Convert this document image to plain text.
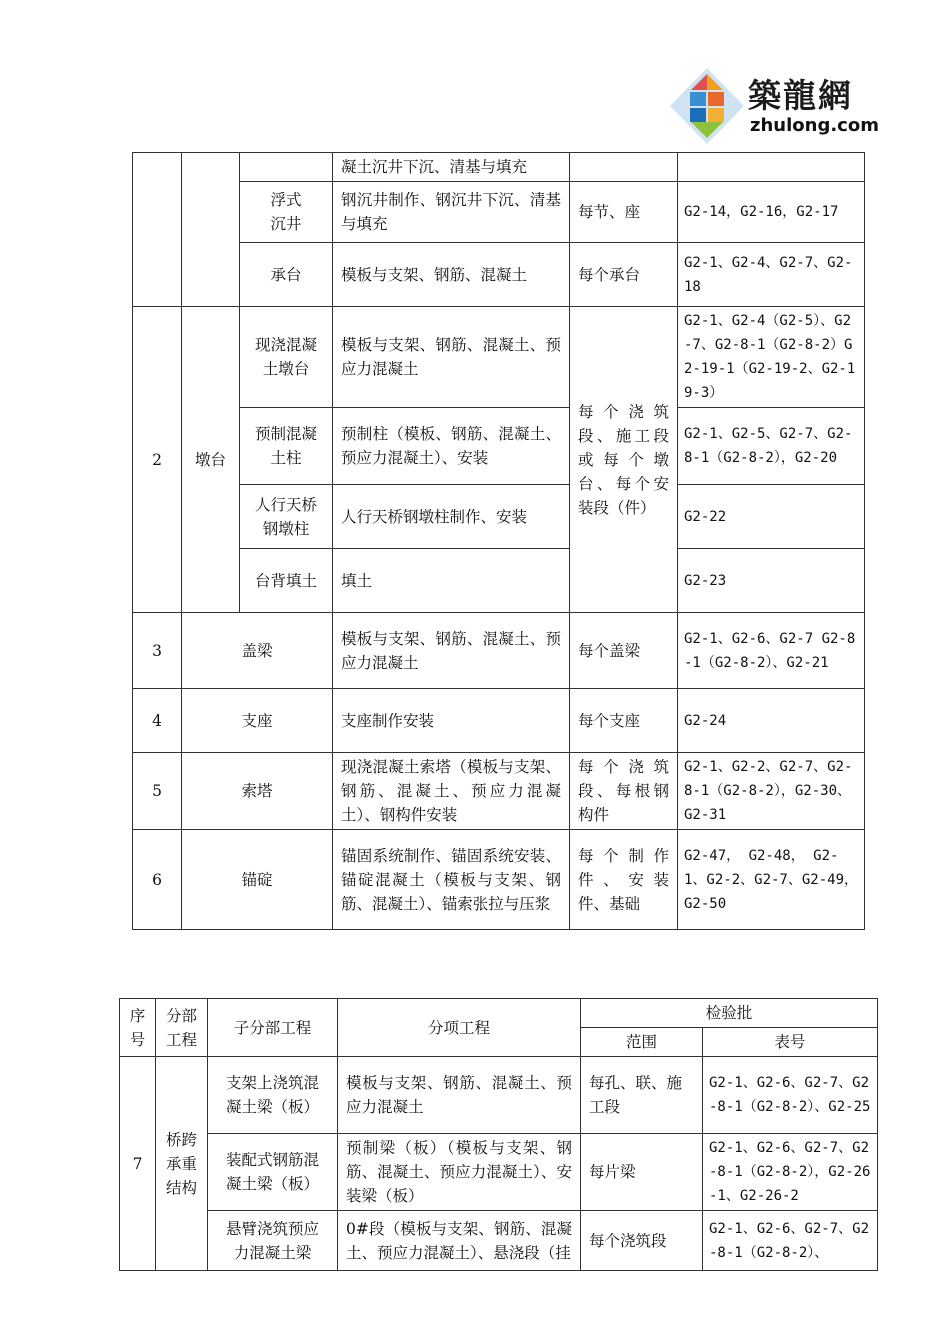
築龍網
zhulong.com
			凝土沉井下沉、清基与填充		
		浮式
沉井	钢沉井制作、钢沉井下沉、清基与填充	每节、座	G2-14，G2-16，G2-17
		承台	模板与支架、钢筋、混凝土	每个承台	G2-1、G2-4、G2-7、G2-18
2	墩台	现浇混凝
土墩台	模板与支架、钢筋、混凝土、预应力混凝土	每 个 浇 筑段、施工段或 每 个 墩台、每个安装段（件）	G2-1、G2-4（G2-5）、G2-7、G2-8-1（G2-8-2）G2-19-1（G2-19-2、G2-19-3）
		预制混凝
土柱	预制柱（模板、钢筋、混凝土、预应力混凝土）、安装		G2-1、G2-5、G2-7、G2-8-1（G2-8-2），G2-20
		人行天桥
钢墩柱	人行天桥钢墩柱制作、安装		G2-22
		台背填土	填土		G2-23
3	盖梁		模板与支架、钢筋、混凝土、预应力混凝土	每个盖梁	G2-1、G2-6、G2-7 G2-8-1（G2-8-2）、G2-21
4	支座		支座制作安装	每个支座	G2-24
5	索塔		现浇混凝土索塔（模板与支架、钢筋、混凝土、预应力混凝土）、钢构件安装	每 个 浇 筑段、每根钢构件	G2-1、G2-2、G2-7、G2-8-1（G2-8-2），G2-30、G2-31
6	锚碇		锚固系统制作、锚固系统安装、锚碇混凝土（模板与支架、钢筋、混凝土）、锚索张拉与压浆	每 个 制 作件、安装件、基础	G2-47， G2-48， G2-1、G2-2、G2-7、G2-49，G2-50
序
号	分部
工程	子分部工程	分项工程	检验批	
				范围	表号
7	桥跨
承重
结构	支架上浇筑混
凝土梁（板）	模板与支架、钢筋、混凝土、预应力混凝土	每孔、联、施工段	G2-1、G2-6、G2-7、G2-8-1（G2-8-2）、G2-25
		装配式钢筋混
凝土梁（板）	预制梁（板）（模板与支架、钢筋、混凝土、预应力混凝土）、安装梁（板）	每片梁	G2-1、G2-6、G2-7、G2-8-1（G2-8-2），G2-26-1、G2-26-2
		悬臂浇筑预应
力混凝土梁	0#段（模板与支架、钢筋、混凝土、预应力混凝土）、悬浇段（挂	每个浇筑段	G2-1、G2-6、G2-7、G2-8-1（G2-8-2）、
